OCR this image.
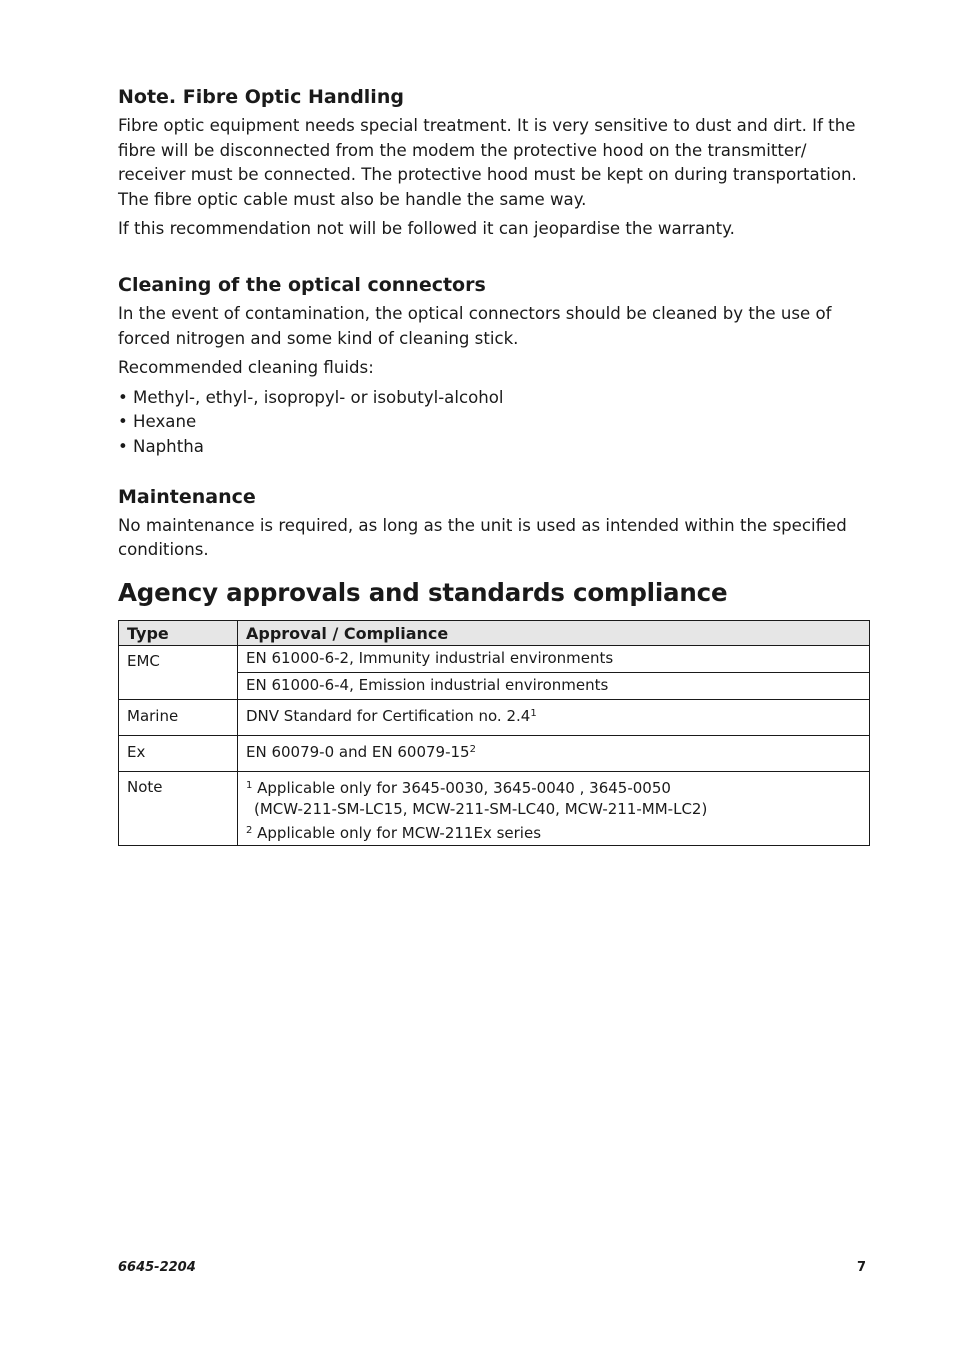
Note. Fibre Optic Handling

Fibre optic equipment needs special treatment. It is very sensitive to dust and dirt. If the fibre will be disconnected from the modem the protective hood on the transmitter/ receiver must be connected. The protective hood must be kept on during transportation. The fibre optic cable must also be handle the same way.

If this recommendation not will be followed it can jeopardise the warranty.

Cleaning of the optical connectors

In the event of contamination, the optical connectors should be cleaned by the use of forced nitrogen and some kind of cleaning stick.

Recommended cleaning fluids:

• Methyl-, ethyl-, isopropyl- or isobutyl-alcohol
• Hexane
• Naphtha
Maintenance

No maintenance is required, as long as the unit is used as intended within the specified conditions.

Agency approvals and standards compliance
Type	Approval / Compliance
EMC	EN 61000-6-2, Immunity industrial environments
	EN 61000-6-4, Emission industrial environments
Marine	DNV Standard for Certification no. $2.4^1$
Ex	EN 60079-0 and EN $60079-15^2$
Note	$^1$ Applicable only for 3645-0030, 3645-0040 , 3645-0050
(MCW-211-SM-LC15, MCW-211-SM-LC40, MCW-211-MM-LC2)
$^2$ Applicable only for MCW-211Ex series
6645-2204	7
